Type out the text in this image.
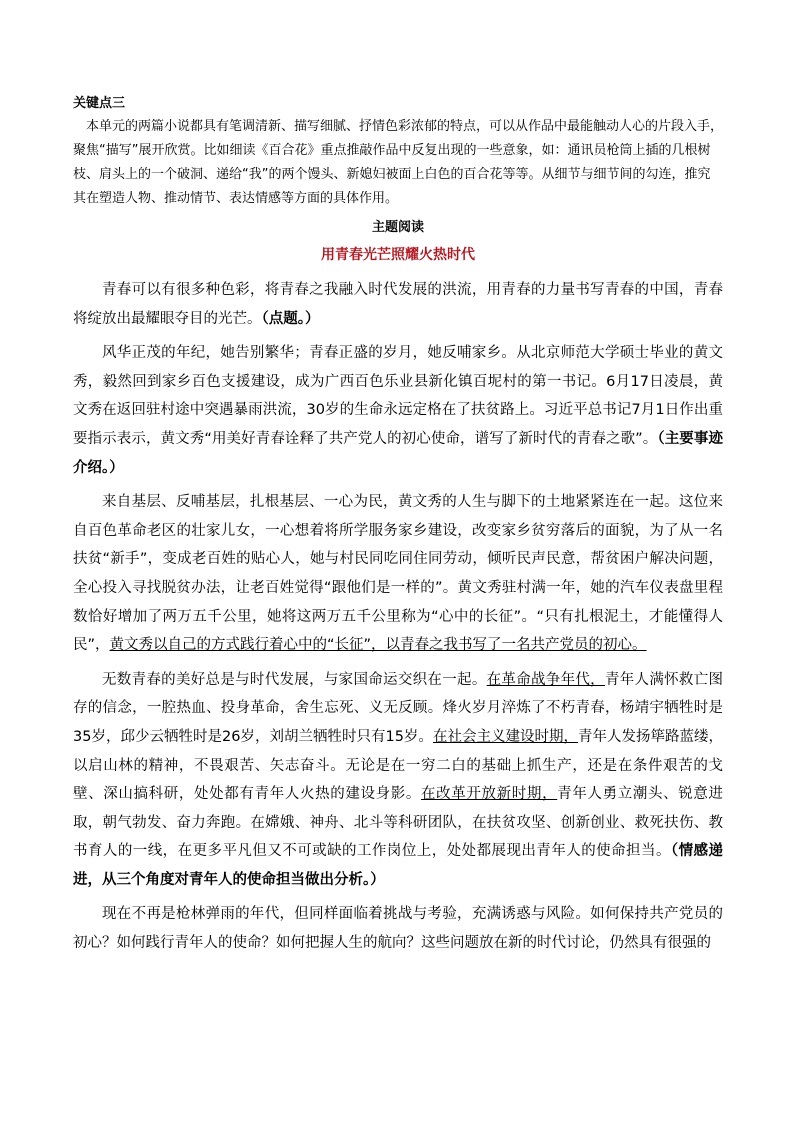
关键点三

本单元的两篇小说都具有笔调清新、描写细腻、抒情色彩浓郁的特点，可以从作品中最能触动人心的片段入手，聚焦“描写”展开欣赏。比如细读《百合花》重点推敲作品中反复出现的一些意象，如：通讯员枪筒上插的几根树枝、肩头上的一个破洞、递给“我”的两个馒头、新媳妇被面上白色的百合花等等。从细节与细节间的勾连，推究其在塑造人物、推动情节、表达情感等方面的具体作用。

主题阅读

用青春光芒照耀火热时代

青春可以有很多种色彩，将青春之我融入时代发展的洪流，用青春的力量书写青春的中国，青春将绽放出最耀眼夺目的光芒。（点题。）

风华正茂的年纪，她告别繁华；青春正盛的岁月，她反哺家乡。从北京师范大学硕士毕业的黄文秀，毅然回到家乡百色支援建设，成为广西百色乐业县新化镇百坭村的第一书记。6月17日凌晨，黄文秀在返回驻村途中突遇暴雨洪流，30岁的生命永远定格在了扶贫路上。习近平总书记7月1日作出重要指示表示，黄文秀“用美好青春诠释了共产党人的初心使命，谱写了新时代的青春之歌”。（主要事迹介绍。）

来自基层、反哺基层，扎根基层、一心为民，黄文秀的人生与脚下的土地紧紧连在一起。这位来自百色革命老区的壮家儿女，一心想着将所学服务家乡建设，改变家乡贫穷落后的面貌，为了从一名扶贫“新手”，变成老百姓的贴心人，她与村民同吃同住同劳动，倾听民声民意，帮贫困户解决问题，全心投入寻找脱贫办法，让老百姓觉得“跟他们是一样的”。黄文秀驻村满一年，她的汽车仪表盘里程数恰好增加了两万五千公里，她将这两万五千公里称为“心中的长征”。“只有扎根泥土，才能懂得人民”，黄文秀以自己的方式践行着心中的“长征”，以青春之我书写了一名共产党员的初心。

无数青春的美好总是与时代发展，与家国命运交织在一起。在革命战争年代，青年人满怀救亡图存的信念，一腔热血、投身革命，舍生忘死、义无反顾。烽火岁月淬炼了不朽青春，杨靖宇牺牲时是35岁，邱少云牺牲时是26岁，刘胡兰牺牲时只有15岁。在社会主义建设时期，青年人发扬筚路蓝缕，以启山林的精神，不畏艰苦、矢志奋斗。无论是在一穷二白的基础上抓生产，还是在条件艰苦的戈壁、深山搞科研，处处都有青年人火热的建设身影。在改革开放新时期，青年人勇立潮头、锐意进取，朝气勃发、奋力奔跑。在嫦娥、神舟、北斗等科研团队，在扶贫攻坚、创新创业、救死扶伤、教书育人的一线，在更多平凡但又不可或缺的工作岗位上，处处都展现出青年人的使命担当。（情感递进，从三个角度对青年人的使命担当做出分析。）

现在不再是枪林弹雨的年代，但同样面临着挑战与考验，充满诱惑与风险。如何保持共产党员的初心？如何践行青年人的使命？如何把握人生的航向？这些问题放在新的时代讨论，仍然具有很强的
